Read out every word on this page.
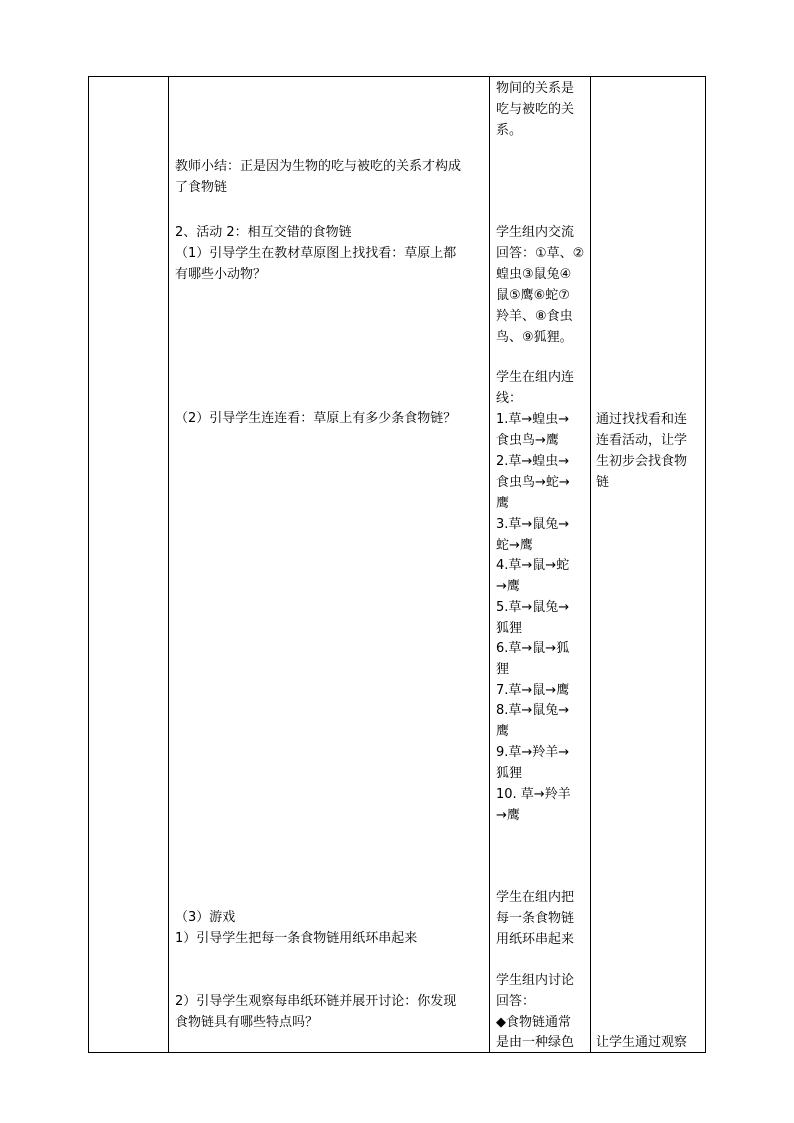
教师小结：正是因为生物的吃与被吃的关系才构成
了食物链
2、活动 2：相互交错的食物链
（1）引导学生在教材草原图上找找看：草原上都
有哪些小动物？
（2）引导学生连连看：草原上有多少条食物链？
（3）游戏
1）引导学生把每一条食物链用纸环串起来
2）引导学生观察每串纸环链并展开讨论：你发现
食物链具有哪些特点吗？
物间的关系是
吃与被吃的关
系。
学生组内交流
回答：①草、②
蝗虫③鼠兔④
鼠⑤鹰⑥蛇⑦
羚羊、⑧食虫
鸟、⑨狐狸。
学生在组内连
线：
1.草→蝗虫→
食虫鸟→鹰
2.草→蝗虫→
食虫鸟→蛇→
鹰
3.草→鼠兔→
蛇→鹰
4.草→鼠→蛇
→鹰
5.草→鼠兔→
狐狸
6.草→鼠→狐
狸
7.草→鼠→鹰
8.草→鼠兔→
鹰
9.草→羚羊→
狐狸
10. 草→羚羊
→鹰
学生在组内把
每一条食物链
用纸环串起来
学生组内讨论
回答：
◆食物链通常
是由一种绿色
通过找找看和连
连看活动，让学
生初步会找食物
链
让学生通过观察
